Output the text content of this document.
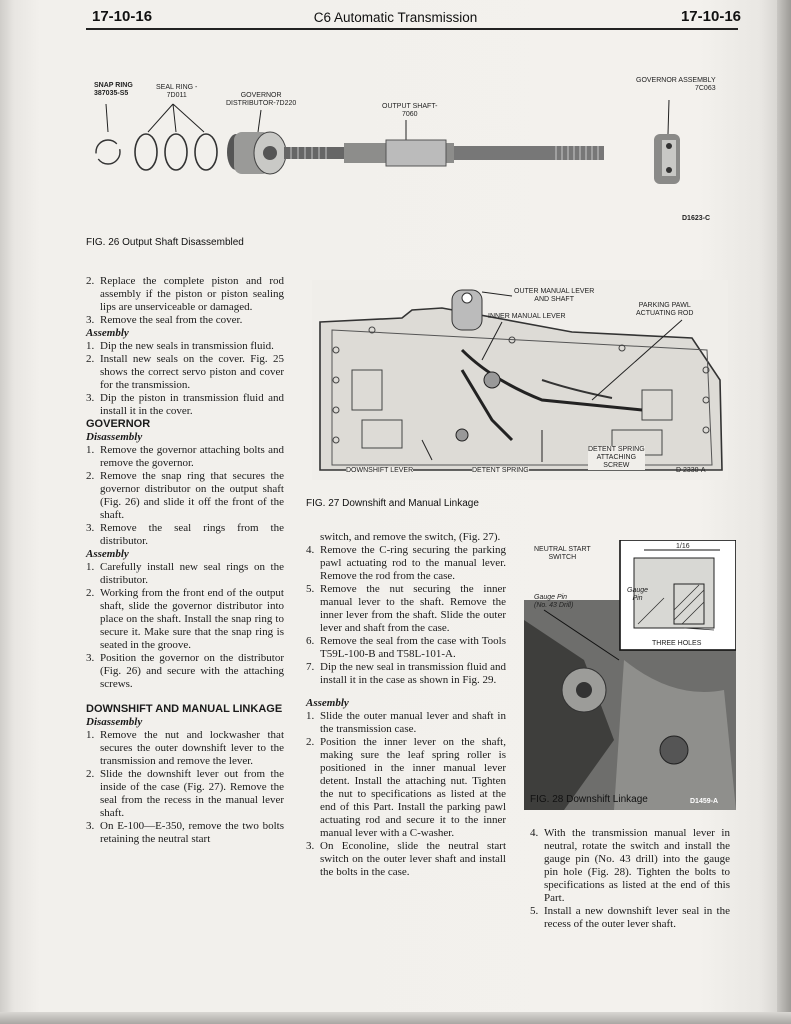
17-10-16	C6 Automatic Transmission	17-10-16
SNAP RING
387035-S5
SEAL RING -
7D011	GOVERNOR
DISTRIBUTOR-7D220	OUTPUT SHAFT-
7060
GOVERNOR ASSEMBLY
7C063
D1623-C
FIG. 26 Output Shaft Disassembled
OUTER MANUAL LEVER
AND SHAFT
INNER MANUAL LEVER
PARKING PAWL
ACTUATING ROD
DETENT SPRING
ATTACHING
SCREW
DOWNSHIFT LEVER	DETENT SPRING	D 2330-A
FIG. 27 Downshift and Manual Linkage
NEUTRAL START
SWITCH
Gauge Pin
(No. 43 Drill)
Gauge
Pin
1/16
THREE HOLES
D1459-A
FIG. 28 Downshift Linkage
2. Replace the complete piston and rod assembly if the piston or piston sealing lips are unserviceable or damaged.
3. Remove the seal from the cover.

Assembly

1. Dip the new seals in transmission fluid.
2. Install new seals on the cover. Fig. 25 shows the correct servo piston and cover for the transmission.
3. Dip the piston in transmission fluid and install it in the cover.

GOVERNOR

Disassembly

1. Remove the governor attaching bolts and remove the governor.
2. Remove the snap ring that secures the governor distributor on the output shaft (Fig. 26) and slide it off the front of the shaft.
3. Remove the seal rings from the distributor.

Assembly

1. Carefully install new seal rings on the distributor.
2. Working from the front end of the output shaft, slide the governor distributor into place on the shaft. Install the snap ring to secure it. Make sure that the snap ring is seated in the groove.
3. Position the governor on the distributor (Fig. 26) and secure with the attaching screws.

DOWNSHIFT AND MANUAL LINKAGE

Disassembly

1. Remove the nut and lockwasher that secures the outer downshift lever to the transmission and remove the lever.
2. Slide the downshift lever out from the inside of the case (Fig. 27). Remove the seal from the recess in the manual lever shaft.
3. On E-100—E-350, remove the two bolts retaining the neutral start

switch, and remove the switch, (Fig. 27).

4. Remove the C-ring securing the parking pawl actuating rod to the manual lever. Remove the rod from the case.
5. Remove the nut securing the inner manual lever to the shaft. Remove the inner lever from the shaft. Slide the outer lever and shaft from the case.
6. Remove the seal from the case with Tools T59L-100-B and T58L-101-A.
7. Dip the new seal in transmission fluid and install it in the case as shown in Fig. 29.

Assembly

1. Slide the outer manual lever and shaft in the transmission case.
2. Position the inner lever on the shaft, making sure the leaf spring roller is positioned in the inner manual lever detent. Install the attaching nut. Tighten the nut to specifications as listed at the end of this Part. Install the parking pawl actuating rod and secure it to the inner manual lever with a C-washer.
3. On Econoline, slide the neutral start switch on the outer lever shaft and install the bolts in the case.
4. With the transmission manual lever in neutral, rotate the switch and install the gauge pin (No. 43 drill) into the gauge pin hole (Fig. 28). Tighten the bolts to specifications as listed at the end of this Part.
5. Install a new downshift lever seal in the recess of the outer lever shaft.
